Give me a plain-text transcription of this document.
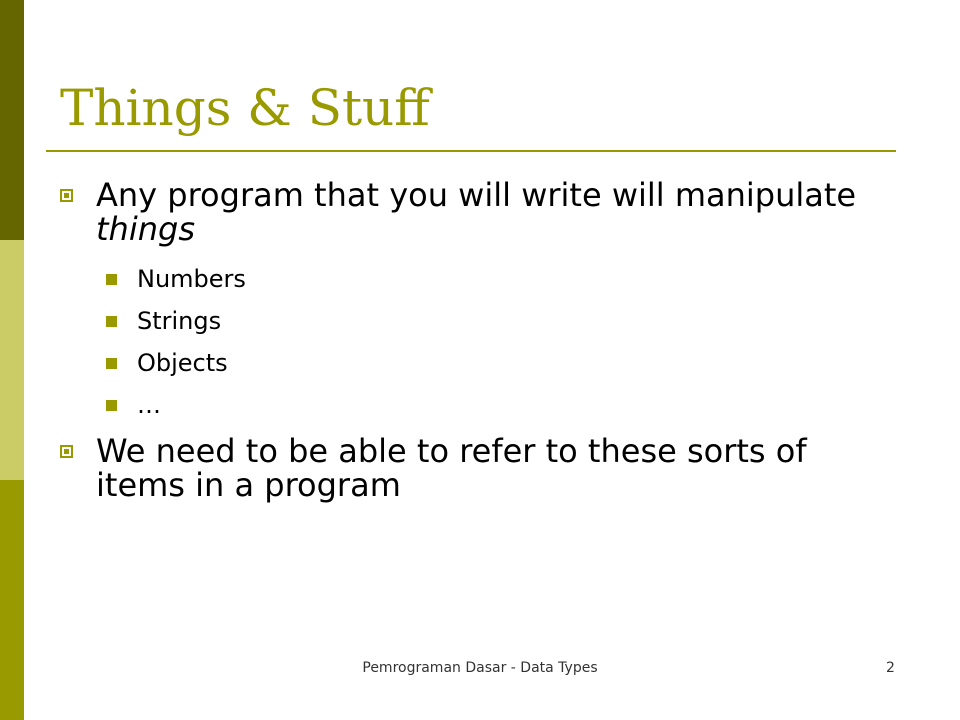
Things & Stuff
Any program that you will write will manipulate things
Numbers
Strings
Objects
…
We need to be able to refer to these sorts of items in a program
Pemrograman Dasar - Data Types	2
